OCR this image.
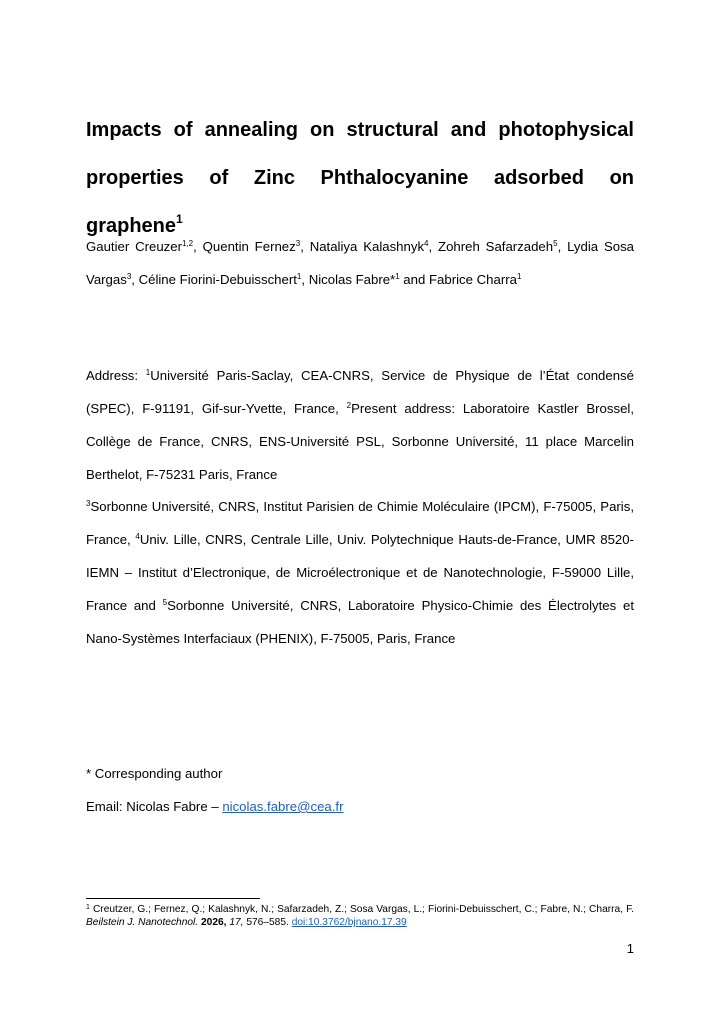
Impacts of annealing on structural and photophysical properties of Zinc Phthalocyanine adsorbed on graphene$^1$

Gautier Creuzer$^{1,2}$, Quentin Fernez$^3$, Nataliya Kalashnyk$^4$, Zohreh Safarzadeh$^5$, Lydia Sosa Vargas$^3$, Céline Fiorini-Debuisschert$^1$, Nicolas Fabre*$^1$ and Fabrice Charra$^1$

Address: $^1$Université Paris-Saclay, CEA-CNRS, Service de Physique de l’État condensé (SPEC), F-91191, Gif-sur-Yvette, France, $^2$Present address: Laboratoire Kastler Brossel, Collège de France, CNRS, ENS-Université PSL, Sorbonne Université, 11 place Marcelin Berthelot, F-75231 Paris, France

$^3$Sorbonne Université, CNRS, Institut Parisien de Chimie Moléculaire (IPCM), F-75005, Paris, France, $^4$Univ. Lille, CNRS, Centrale Lille, Univ. Polytechnique Hauts-de-France, UMR 8520-IEMN – Institut d’Electronique, de Microélectronique et de Nanotechnologie, F-59000 Lille, France and $^5$Sorbonne Université, CNRS, Laboratoire Physico-Chimie des Électrolytes et Nano-Systèmes Interfaciaux (PHENIX), F-75005, Paris, France

* Corresponding author

Email: Nicolas Fabre – nicolas.fabre@cea.fr

$^1$ Creutzer, G.; Fernez, Q.; Kalashnyk, N.; Safarzadeh, Z.; Sosa Vargas, L.; Fiorini-Debuisschert, C.; Fabre, N.; Charra, F. Beilstein J. Nanotechnol. 2026, 17, 576–585. doi:10.3762/bjnano.17.39

1
